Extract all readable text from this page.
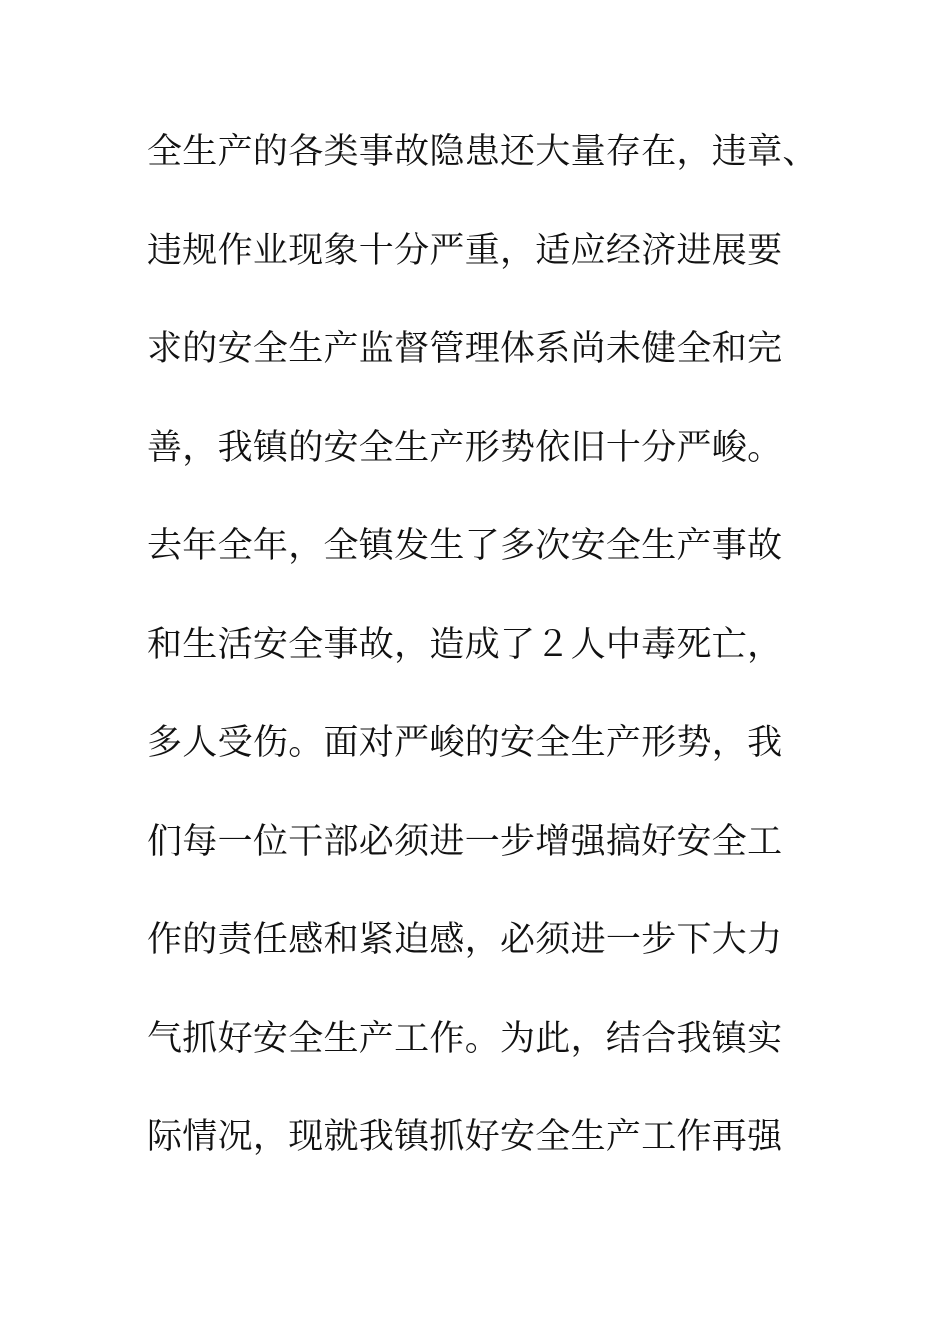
全生产的各类事故隐患还大量存在，违章、
违规作业现象十分严重，适应经济进展要
求的安全生产监督管理体系尚未健全和完
善，我镇的安全生产形势依旧十分严峻。
去年全年，全镇发生了多次安全生产事故
和生活安全事故，造成了２人中毒死亡，
多人受伤。面对严峻的安全生产形势，我
们每一位干部必须进一步增强搞好安全工
作的责任感和紧迫感，必须进一步下大力
气抓好安全生产工作。为此，结合我镇实
际情况，现就我镇抓好安全生产工作再强
